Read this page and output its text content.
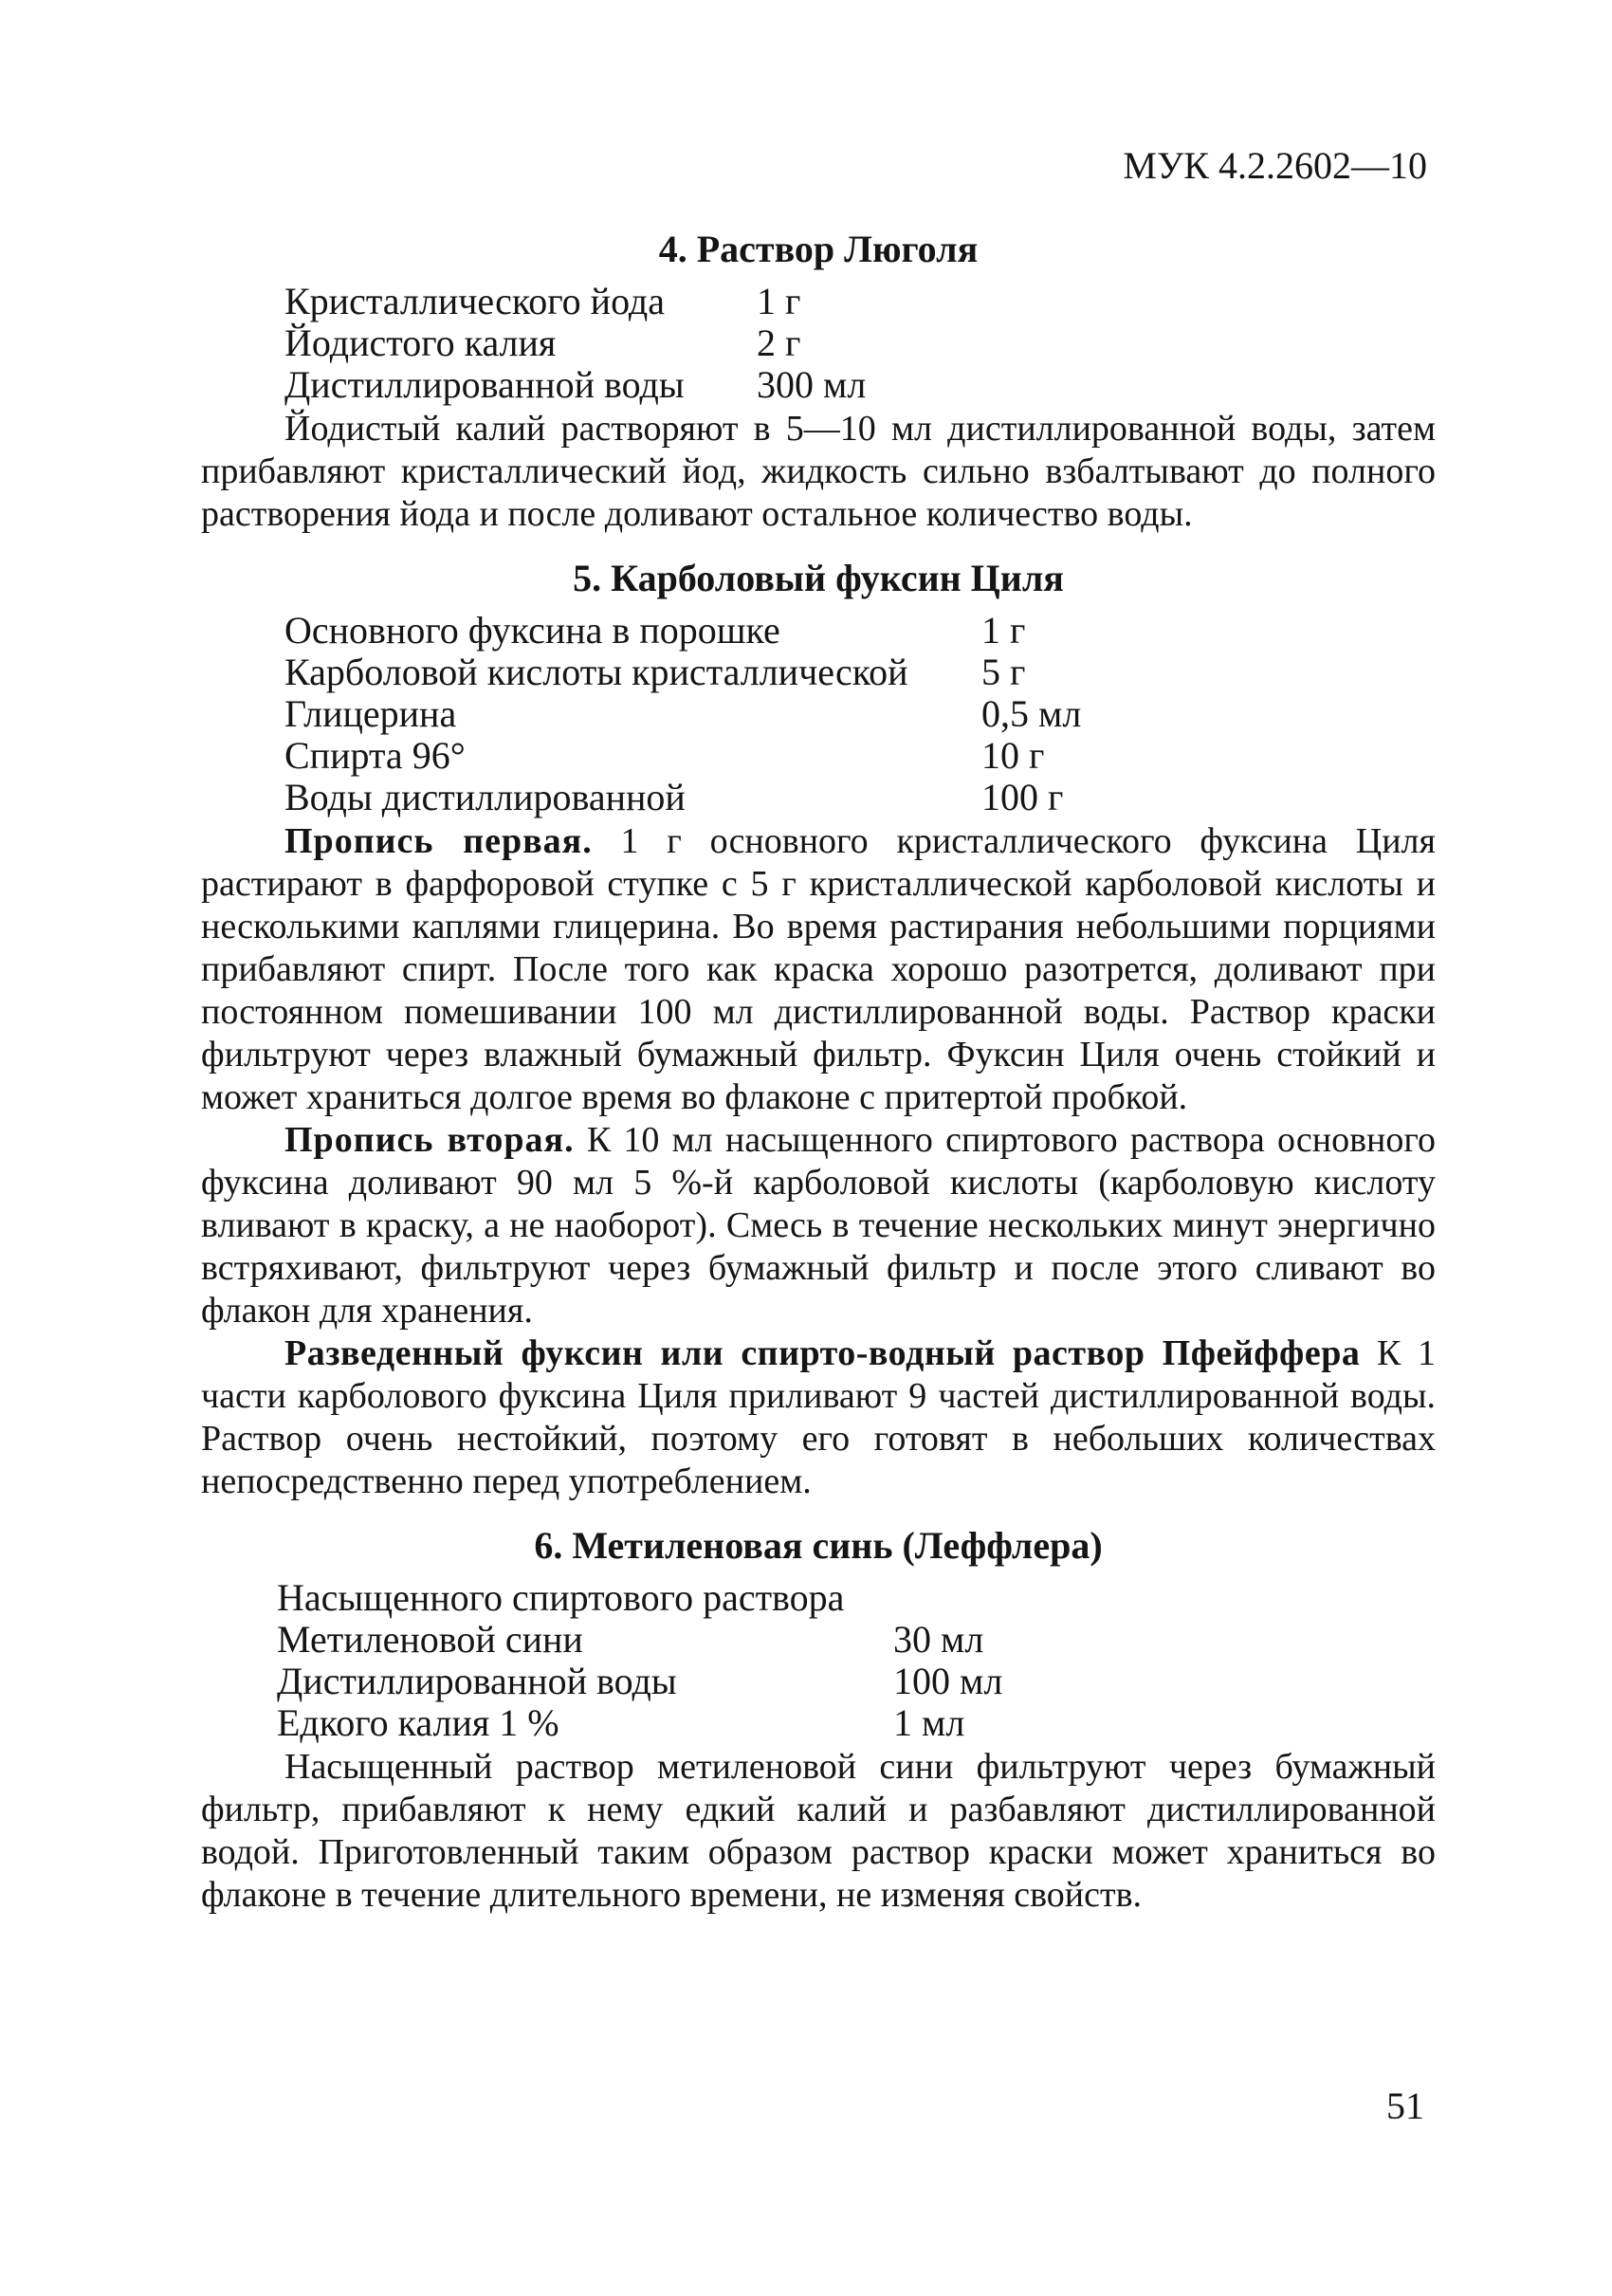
МУК 4.2.2602—10
4. Раствор Люголя
Кристаллического йода	1 г
Йодистого калия	2 г
Дистиллированной воды	300 мл

Йодистый калий растворяют в 5—10 мл дистиллированной воды, затем прибавляют кристаллический йод, жидкость сильно взбалтывают до полного растворения йода и после доливают остальное количество воды.

5. Карболовый фуксин Циля
Основного фуксина в порошке	1 г
Карболовой кислоты кристаллической	5 г
Глицерина	0,5 мл
Спирта 96°	10 г
Воды дистиллированной	100 г

Пропись первая. 1 г основного кристаллического фуксина Циля растирают в фарфоровой ступке с 5 г кристаллической карболовой кислоты и несколькими каплями глицерина. Во время растирания небольшими порциями прибавляют спирт. После того как краска хорошо разотрется, доливают при постоянном помешивании 100 мл дистиллированной воды. Раствор краски фильтруют через влажный бумажный фильтр. Фуксин Циля очень стойкий и может храниться долгое время во флаконе с притертой пробкой.

Пропись вторая. К 10 мл насыщенного спиртового раствора основного фуксина доливают 90 мл 5 %-й карболовой кислоты (карболовую кислоту вливают в краску, а не наоборот). Смесь в течение нескольких минут энергично встряхивают, фильтруют через бумажный фильтр и после этого сливают во флакон для хранения.

Разведенный фуксин или спирто-водный раствор Пфейффера К 1 части карболового фуксина Циля приливают 9 частей дистиллированной воды. Раствор очень нестойкий, поэтому его готовят в небольших количествах непосредственно перед употреблением.

6. Метиленовая синь (Леффлера)
Насыщенного спиртового раствора
Метиленовой сини	30 мл
Дистиллированной воды	100 мл
Едкого калия 1 %	1 мл

Насыщенный раствор метиленовой сини фильтруют через бумажный фильтр, прибавляют к нему едкий калий и разбавляют дистиллированной водой. Приготовленный таким образом раствор краски может храниться во флаконе в течение длительного времени, не изменяя свойств.

51
